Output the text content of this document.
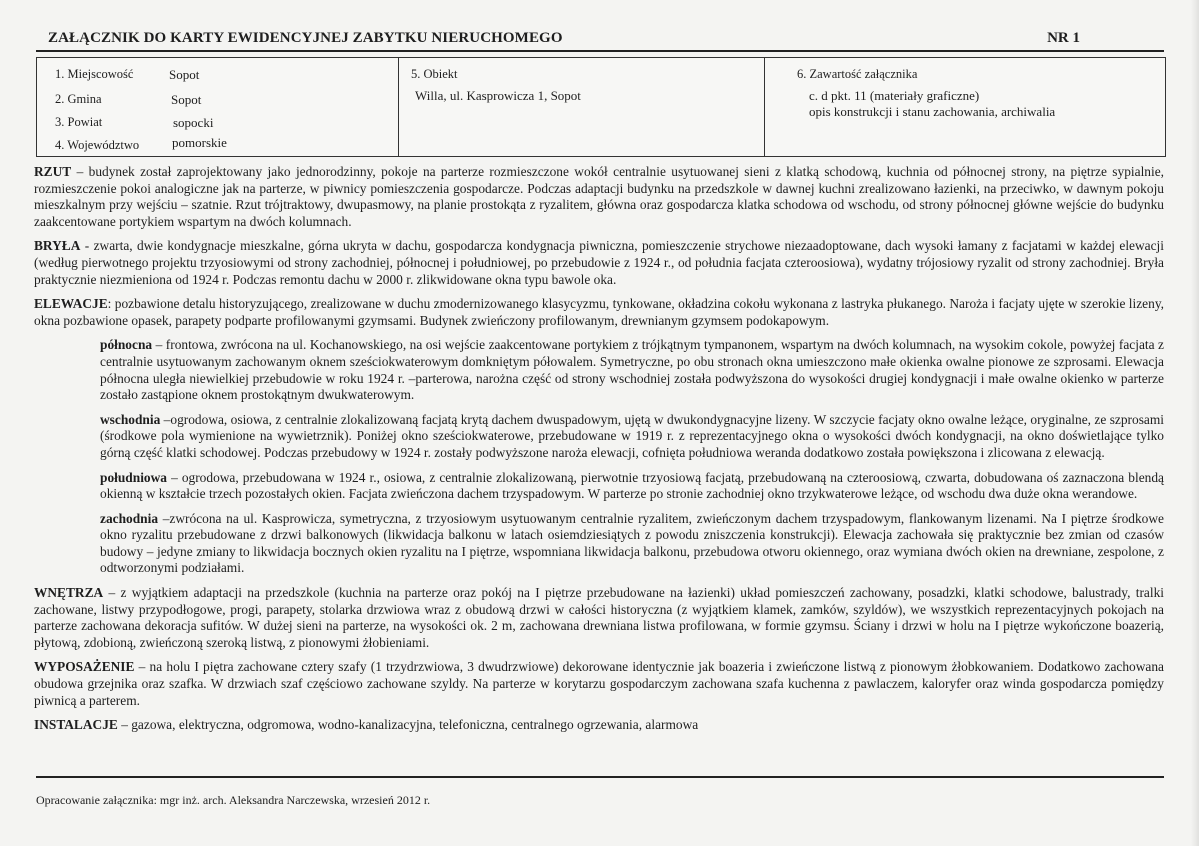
ZAŁĄCZNIK DO KARTY EWIDENCYJNEJ ZABYTKU NIERUCHOMEGO	NR 1
1. Miejscowość	Sopot
2. Gmina	Sopot
3. Powiat	sopocki
4. Województwo	pomorskie
5. Obiekt
Willa, ul. Kasprowicza 1, Sopot
6. Zawartość załącznika
c. d pkt. 11 (materiały graficzne)
opis konstrukcji i stanu zachowania, archiwalia

RZUT – budynek został zaprojektowany jako jednorodzinny, pokoje na parterze rozmieszczone wokół centralnie usytuowanej sieni z klatką schodową, kuchnia od północnej strony, na piętrze sypialnie, rozmieszczenie pokoi analogiczne jak na parterze, w piwnicy pomieszczenia gospodarcze. Podczas adaptacji budynku na przedszkole w dawnej kuchni zrealizowano łazienki, na przeciwko, w dawnym pokoju mieszkalnym przy wejściu – szatnie. Rzut trójtraktowy, dwupasmowy, na planie prostokąta z ryzalitem, główna oraz gospodarcza klatka schodowa od wschodu, od strony północnej główne wejście do budynku zaakcentowane portykiem wspartym na dwóch kolumnach.

BRYŁA - zwarta, dwie kondygnacje mieszkalne, górna ukryta w dachu, gospodarcza kondygnacja piwniczna, pomieszczenie strychowe niezaadoptowane, dach wysoki łamany z facjatami w każdej elewacji (według pierwotnego projektu trzyosiowymi od strony zachodniej, północnej i południowej, po przebudowie z 1924 r., od południa facjata czteroosiowa), wydatny trójosiowy ryzalit od strony zachodniej. Bryła praktycznie niezmieniona od 1924 r. Podczas remontu dachu w 2000 r. zlikwidowane okna typu bawole oka.

ELEWACJE: pozbawione detalu historyzującego, zrealizowane w duchu zmodernizowanego klasycyzmu, tynkowane, okładzina cokołu wykonana z lastryka płukanego. Naroża i facjaty ujęte w szerokie lizeny, okna pozbawione opasek, parapety podparte profilowanymi gzymsami. Budynek zwieńczony profilowanym, drewnianym gzymsem podokapowym.

północna – frontowa, zwrócona na ul. Kochanowskiego, na osi wejście zaakcentowane portykiem z trójkątnym tympanonem, wspartym na dwóch kolumnach, na wysokim cokole, powyżej facjata z centralnie usytuowanym zachowanym oknem sześciokwaterowym domkniętym półowalem. Symetryczne, po obu stronach okna umieszczono małe okienka owalne pionowe ze szprosami. Elewacja północna uległa niewielkiej przebudowie w roku 1924 r. –parterowa, narożna część od strony wschodniej została podwyższona do wysokości drugiej kondygnacji i małe owalne okienko w parterze zostało zastąpione oknem prostokątnym dwukwaterowym.

wschodnia –ogrodowa, osiowa, z centralnie zlokalizowaną facjatą krytą dachem dwuspadowym, ujętą w dwukondygnacyjne lizeny. W szczycie facjaty okno owalne leżące, oryginalne, ze szprosami (środkowe pola wymienione na wywietrznik). Poniżej okno sześciokwaterowe, przebudowane w 1919 r. z reprezentacyjnego okna o wysokości dwóch kondygnacji, na okno doświetlające tylko górną część klatki schodowej. Podczas przebudowy w 1924 r. zostały podwyższone naroża elewacji, cofnięta południowa weranda dodatkowo została powiększona i zlicowana z elewacją.

południowa – ogrodowa, przebudowana w 1924 r., osiowa, z centralnie zlokalizowaną, pierwotnie trzyosiową facjatą, przebudowaną na czteroosiową, czwarta, dobudowana oś zaznaczona blendą okienną w kształcie trzech pozostałych okien. Facjata zwieńczona dachem trzyspadowym. W parterze po stronie zachodniej okno trzykwaterowe leżące, od wschodu dwa duże okna werandowe.

zachodnia –zwrócona na ul. Kasprowicza, symetryczna, z trzyosiowym usytuowanym centralnie ryzalitem, zwieńczonym dachem trzyspadowym, flankowanym lizenami. Na I piętrze środkowe okno ryzalitu przebudowane z drzwi balkonowych (likwidacja balkonu w latach osiemdziesiątych z powodu zniszczenia konstrukcji). Elewacja zachowała się praktycznie bez zmian od czasów budowy – jedyne zmiany to likwidacja bocznych okien ryzalitu na I piętrze, wspomniana likwidacja balkonu, przebudowa otworu okiennego, oraz wymiana dwóch okien na drewniane, zespolone, z odtworzonymi podziałami.

WNĘTRZA – z wyjątkiem adaptacji na przedszkole (kuchnia na parterze oraz pokój na I piętrze przebudowane na łazienki) układ pomieszczeń zachowany, posadzki, klatki schodowe, balustrady, tralki zachowane, listwy przypodłogowe, progi, parapety, stolarka drzwiowa wraz z obudową drzwi w całości historyczna (z wyjątkiem klamek, zamków, szyldów), we wszystkich reprezentacyjnych pokojach na parterze zachowana dekoracja sufitów. W dużej sieni na parterze, na wysokości ok. 2 m, zachowana drewniana listwa profilowana, w formie gzymsu. Ściany i drzwi w holu na I piętrze wykończone boazerią, płytową, zdobioną, zwieńczoną szeroką listwą, z pionowymi żłobieniami.

WYPOSAŻENIE – na holu I piętra zachowane cztery szafy (1 trzydrzwiowa, 3 dwudrzwiowe) dekorowane identycznie jak boazeria i zwieńczone listwą z pionowym żłobkowaniem. Dodatkowo zachowana obudowa grzejnika oraz szafka. W drzwiach szaf częściowo zachowane szyldy. Na parterze w korytarzu gospodarczym zachowana szafa kuchenna z pawlaczem, kaloryfer oraz winda gospodarcza pomiędzy piwnicą a parterem.

INSTALACJE – gazowa, elektryczna, odgromowa, wodno-kanalizacyjna, telefoniczna, centralnego ogrzewania, alarmowa

Opracowanie załącznika: mgr inż. arch. Aleksandra Narczewska, wrzesień 2012 r.
